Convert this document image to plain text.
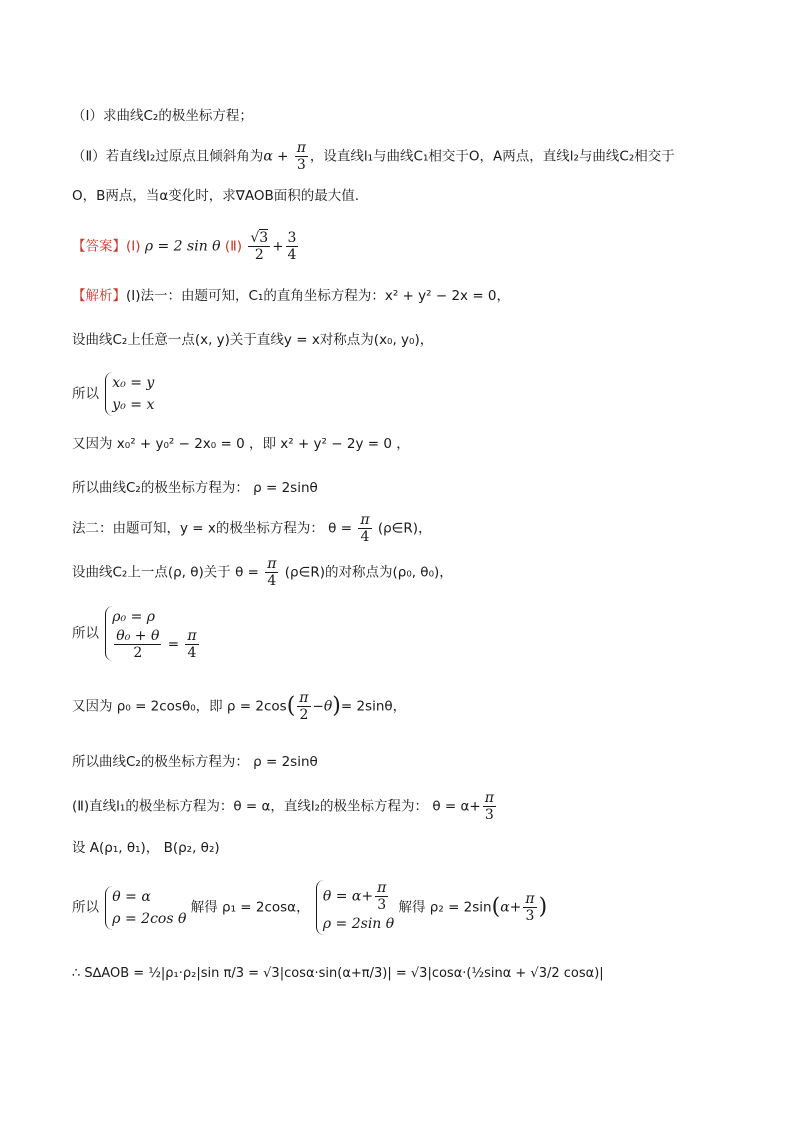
（Ⅰ）求曲线C₂的极坐标方程；
（Ⅱ）若直线l₂过原点且倾斜角为$\alpha + \frac{\pi}{3}$ ，设直线l₁与曲线C₁相交于O，A两点，直线l₂与曲线C₂相交于
O，B两点，当α变化时，求∇AOB面积的最大值.
【答案】(Ⅰ) ρ = 2 sin θ (Ⅱ) $\frac{√3}{2} + \frac{3}{4}$
【解析】(Ⅰ)法一：由题可知，C₁的直角坐标方程为：x² + y² − 2x = 0，
设曲线C₂上任意一点(x, y)关于直线y = x对称点为(x₀, y₀)，
所以
x₀ = y
y₀ = x
又因为 x₀² + y₀² − 2x₀ = 0 ，即 x² + y² − 2y = 0 ，
所以曲线C₂的极坐标方程为： ρ = 2sinθ
法二：由题可知，y = x的极坐标方程为： $\theta = \frac{\pi}{4}$ (ρ∈R)，
设曲线C₂上一点(ρ, θ)关于 $\theta = \frac{\pi}{4}$ (ρ∈R)的对称点为(ρ₀, θ₀)，
所以
ρ₀ = ρ
$\frac{\text{θ₀ + θ}}{2} = \frac{\pi}{4}$
又因为 ρ₀ = 2cosθ₀，即 $\rho = 2\cos( \frac{\pi}{2} -\theta)= 2\sin\theta$，
所以曲线C₂的极坐标方程为： ρ = 2sinθ
(Ⅱ)直线l₁的极坐标方程为：θ = α，直线l₂的极坐标方程为： $\theta = \alpha+ \frac{\pi}{3}$
设 A(ρ₁, θ₁)， B(ρ₂, θ₂)
所以
θ = α
ρ = 2cos θ
解得 ρ₁ = 2cosα，
$\theta = \alpha+ \frac{\pi}{3}$
ρ = 2sin θ
解得 $\rho_2 = 2\sin(\alpha+ \frac{\pi}{3}$ )
∴ S∆AOB = ½|ρ₁·ρ₂|sin π/3 = √3|cosα·sin(α+π/3)| = √3|cosα·(½sinα + √3/2 cosα)|
